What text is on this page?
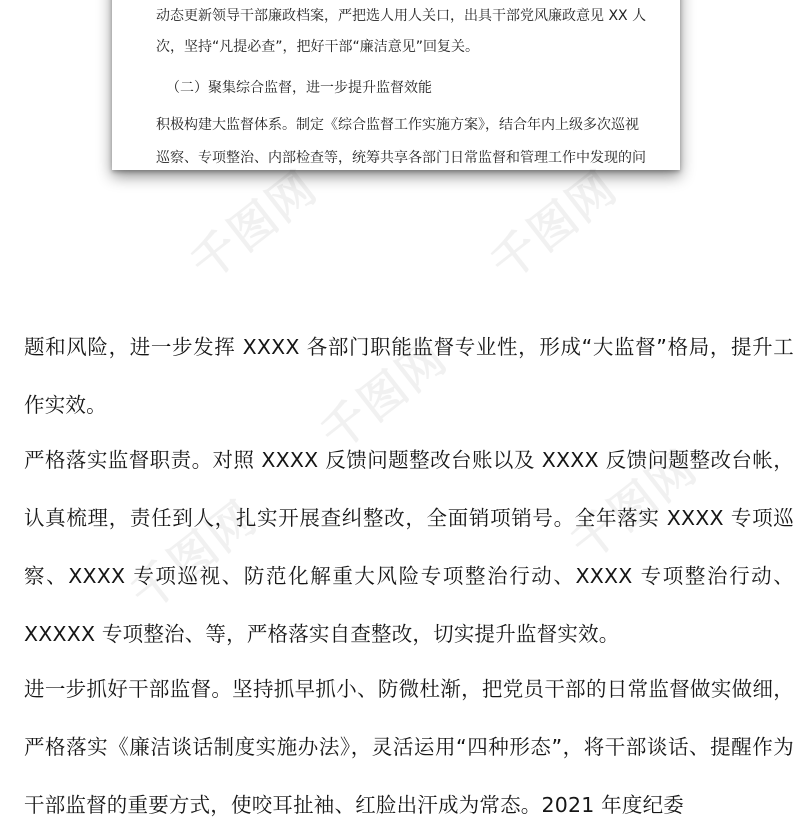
动态更新领导干部廉政档案，严把选人用人关口，出具干部党风廉政意见 XX 人
次，坚持“凡提必查”，把好干部“廉洁意见”回复关。
（二）聚集综合监督，进一步提升监督效能
积极构建大监督体系。制定《综合监督工作实施方案》，结合年内上级多次巡视
巡察、专项整治、内部检查等，统筹共享各部门日常监督和管理工作中发现的问
千图网	千图网
千图网
千图网	千图网

题和风险，进一步发挥 XXXX 各部门职能监督专业性，形成“大监督”格局，提升工作实效。

严格落实监督职责。对照 XXXX 反馈问题整改台账以及 XXXX 反馈问题整改台帐，认真梳理，责任到人，扎实开展查纠整改，全面销项销号。全年落实 XXXX 专项巡察、XXXX 专项巡视、防范化解重大风险专项整治行动、XXXX 专项整治行动、XXXXX 专项整治、等，严格落实自查整改，切实提升监督实效。

进一步抓好干部监督。坚持抓早抓小、防微杜渐，把党员干部的日常监督做实做细，严格落实《廉洁谈话制度实施办法》，灵活运用“四种形态”，将干部谈话、提醒作为干部监督的重要方式，使咬耳扯袖、红脸出汗成为常态。2021 年度纪委
